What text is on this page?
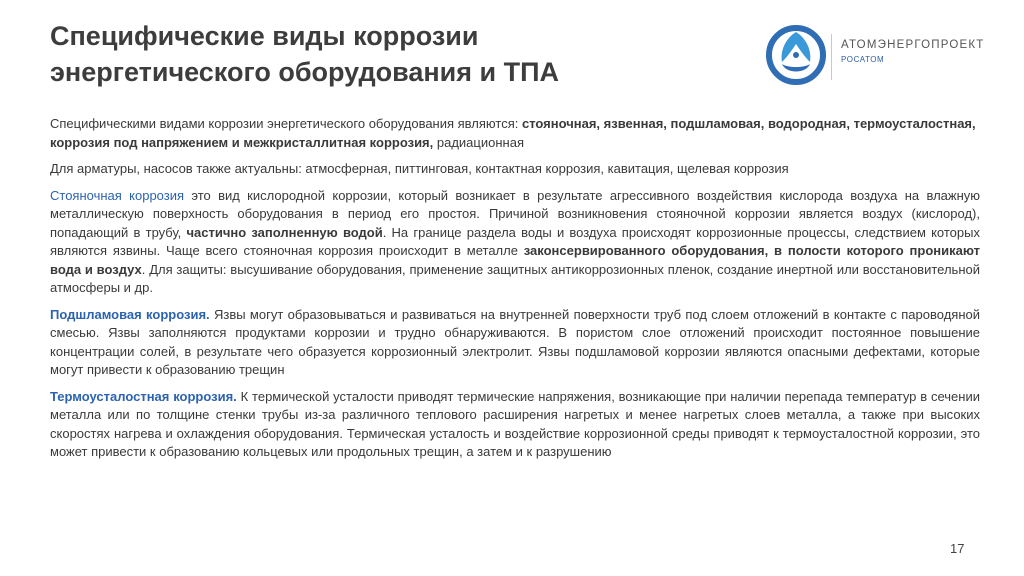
Специфические виды коррозии
энергетического оборудования и ТПА
АТОМЭНЕРГОПРОЕКТ
РОСАТОМ

Специфическими видами коррозии энергетического оборудования являются: стояночная, язвенная, подшламовая, водородная, термоусталостная, коррозия под напряжением и межкристаллитная коррозия, радиационная

Для арматуры, насосов также актуальны: атмосферная, питтинговая, контактная коррозия, кавитация, щелевая коррозия

Стояночная коррозия это вид кислородной коррозии, который возникает в результате агрессивного воздействия кислорода воздуха на влажную металлическую поверхность оборудования в период его простоя. Причиной возникновения стояночной коррозии является воздух (кислород), попадающий в трубу, частично заполненную водой. На границе раздела воды и воздуха происходят коррозионные процессы, следствием которых являются язвины. Чаще всего стояночная коррозия происходит в металле законсервированного оборудования, в полости которого проникают вода и воздух. Для защиты: высушивание оборудования, применение защитных антикоррозионных пленок, создание инертной или восстановительной атмосферы и др.

Подшламовая коррозия. Язвы могут образовываться и развиваться на внутренней поверхности труб под слоем отложений в контакте с пароводяной смесью. Язвы заполняются продуктами коррозии и трудно обнаруживаются. В пористом слое отложений происходит постоянное повышение концентрации солей, в результате чего образуется коррозионный электролит. Язвы подшламовой коррозии являются опасными дефектами, которые могут привести к образованию трещин

Термоусталостная коррозия. К термической усталости приводят термические напряжения, возникающие при наличии перепада температур в сечении металла или по толщине стенки трубы из-за различного теплового расширения нагретых и менее нагретых слоев металла, а также при высоких скоростях нагрева и охлаждения оборудования. Термическая усталость и воздействие коррозионной среды приводят к термоусталостной коррозии, это может привести к образованию кольцевых или продольных трещин, а затем и к разрушению

17
